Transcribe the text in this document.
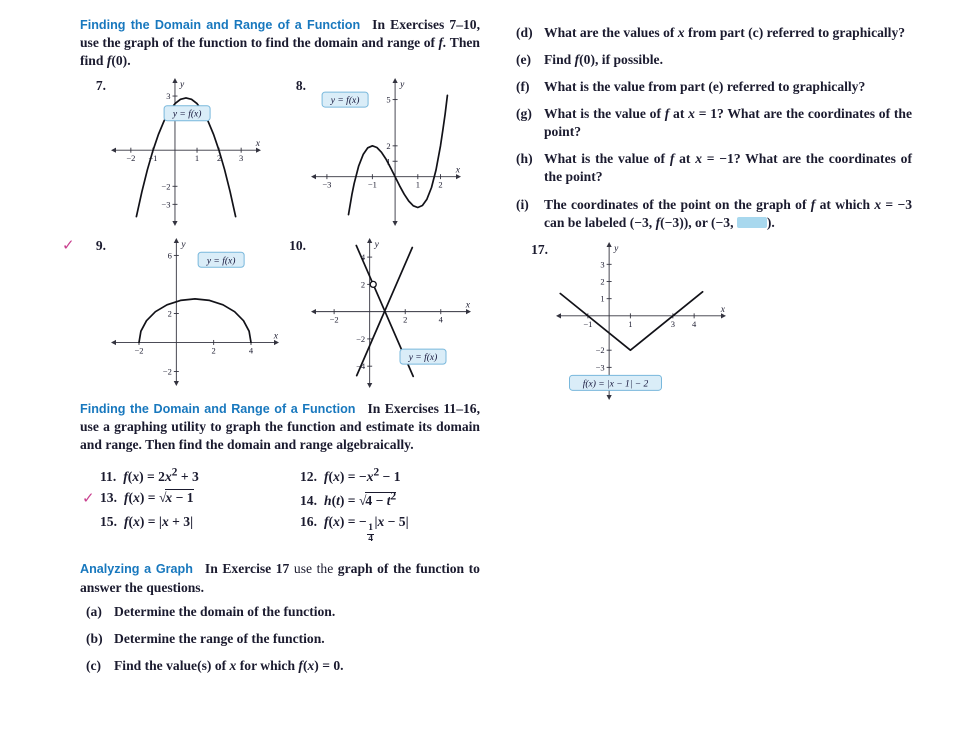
Finding the Domain and Range of a Function In Exercises 7–10, use the graph of the function to find the domain and range of f. Then find f(0).

7.
−2 −1	1 2 3
−3
−2
3
x
y
y = f(x)
8.
−3	−1	1 2
1
2
5
x
y
y = f(x)
✓ 9.
−2	2	4
−2
2
6
x
y
y = f(x)
10.
−2	2	4
−4
−2
2
4
x
y
y = f(x)

Finding the Domain and Range of a Function In Exercises 11–16, use a graphing utility to graph the function and estimate its domain and range. Then find the domain and range algebraically.

11. $f(x) = 2x^2 + 3$	12. $f(x) = -x^2 - 1$
✓ 13. f(x) = √x − 1	14. $h(t) = √4 - t^2$
15. f(x) = |x + 3|	16. f(x) = −
$\frac{1}{4}$
|x − 5|

Analyzing a Graph In Exercise 17 use the graph of the function to answer the questions.

(a) Determine the domain of the function.
(b) Determine the range of the function.
(c) Find the value(s) of x for which f(x) = 0.
(d) What are the values of x from part (c) referred to graphically?
(e) Find f(0), if possible.
(f)	What is the value from part (e) referred to graphically?
(g) What is the value of f at x = 1? What are the coordinates of the point?
(h) What is the value of f at x = −1? What are the coordinates of the point?
(i)	The coordinates of the point on the graph of f at which x = −3 can be labeled (−3, f(−3)), or (−3, ).
17.
−1	1	3 4
−3
−2
1
2
3
x
y
f(x) = |x − 1| − 2
